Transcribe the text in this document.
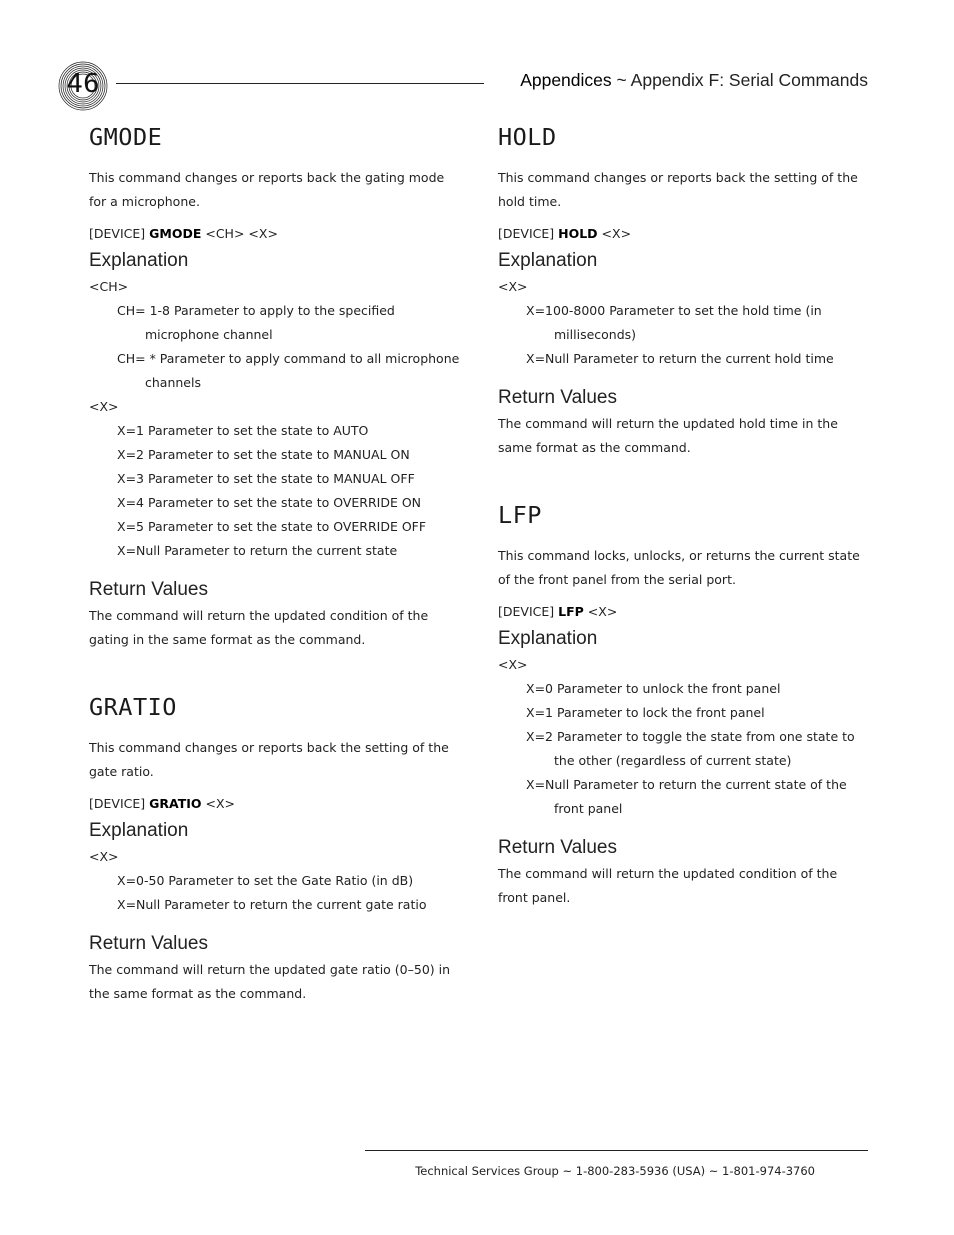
46	Appendices ~ Appendix F: Serial Commands
GMODE

This command changes or reports back the gating mode for a microphone.

[DEVICE] GMODE <CH> <X>

Explanation
<CH>
CH= 1-8 Parameter to apply to the specified microphone channel
CH= * Parameter to apply command to all microphone channels
<X>
X=1 Parameter to set the state to AUTO
X=2 Parameter to set the state to MANUAL ON
X=3 Parameter to set the state to MANUAL OFF
X=4 Parameter to set the state to OVERRIDE ON
X=5 Parameter to set the state to OVERRIDE OFF
X=Null Parameter to return the current state
Return Values

The command will return the updated condition of the gating in the same format as the command.

GRATIO

This command changes or reports back the setting of the gate ratio.

[DEVICE] GRATIO <X>

Explanation
<X>
X=0-50 Parameter to set the Gate Ratio (in dB)
X=Null Parameter to return the current gate ratio
Return Values

The command will return the updated gate ratio (0–50) in the same format as the command.

HOLD

This command changes or reports back the setting of the hold time.

[DEVICE] HOLD <X>

Explanation
<X>
X=100-8000 Parameter to set the hold time (in milliseconds)
X=Null Parameter to return the current hold time
Return Values

The command will return the updated hold time in the same format as the command.

LFP

This command locks, unlocks, or returns the current state of the front panel from the serial port.

[DEVICE] LFP <X>

Explanation
<X>
X=0 Parameter to unlock the front panel
X=1 Parameter to lock the front panel
X=2 Parameter to toggle the state from one state to the other (regardless of current state)
X=Null Parameter to return the current state of the front panel
Return Values

The command will return the updated condition of the front panel.

Technical Services Group ~ 1-800-283-5936 (USA) ~ 1-801-974-3760
